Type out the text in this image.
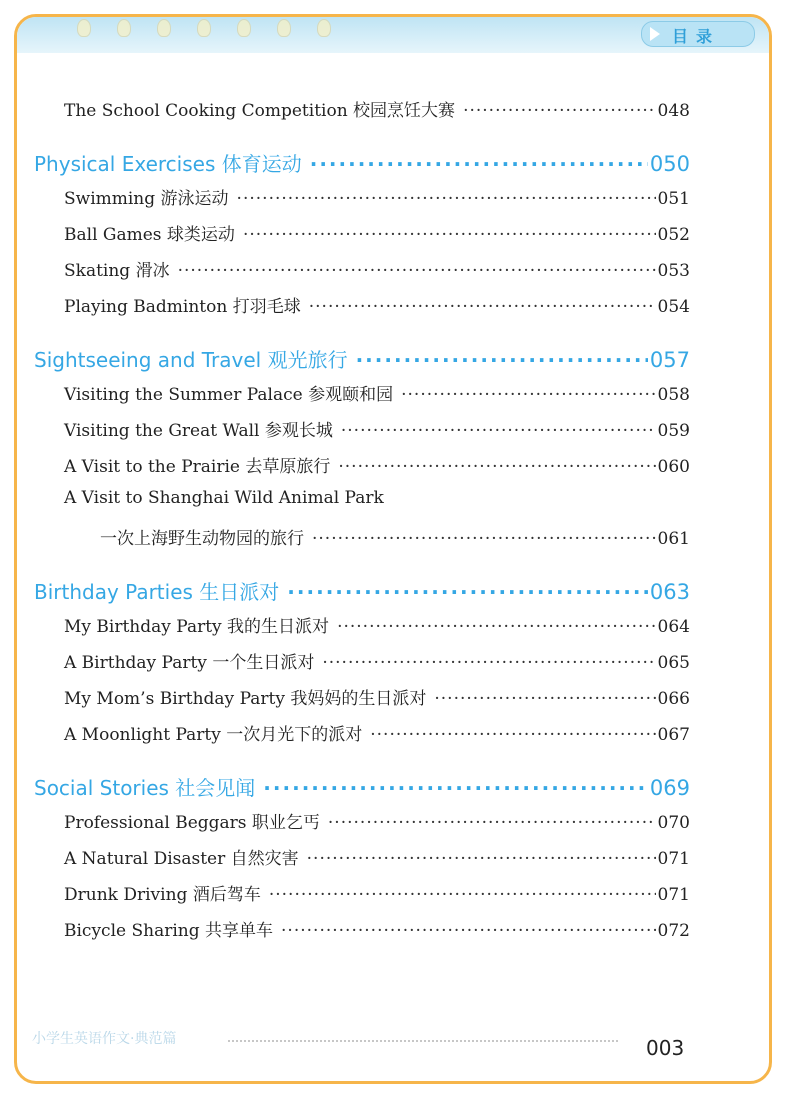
目录
The School Cooking Competition 校园烹饪大赛 ·····	048
Physical Exercises 体育运动 ·····	050
Swimming 游泳运动 ·····	051
Ball Games 球类运动 ·····	052
Skating 滑冰 ·····	053
Playing Badminton 打羽毛球 ·····	054
Sightseeing and Travel 观光旅行 ·····	057
Visiting the Summer Palace 参观颐和园 ·····	058
Visiting the Great Wall 参观长城 ·····	059
A Visit to the Prairie 去草原旅行 ·····	060
A Visit to Shanghai Wild Animal Park
一次上海野生动物园的旅行 ·····	061
Birthday Parties 生日派对 ·····	063
My Birthday Party 我的生日派对 ·····	064
A Birthday Party 一个生日派对 ·····	065
My Mom’s Birthday Party 我妈妈的生日派对 ·····	066
A Moonlight Party 一次月光下的派对 ·····	067
Social Stories 社会见闻 ·····	069
Professional Beggars 职业乞丐 ·····	070
A Natural Disaster 自然灾害 ·····	071
Drunk Driving 酒后驾车 ·····	071
Bicycle Sharing 共享单车 ·····	072
小学生英语作文·典范篇	003
